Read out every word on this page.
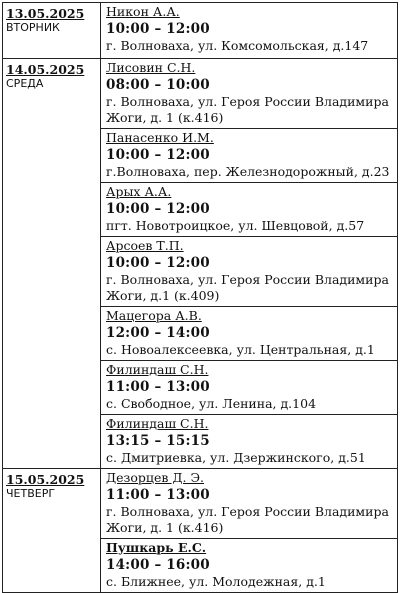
13.05.2025
ВТОРНИК	Никон А.А.
10:00 – 12:00
г. Волноваха, ул. Комсомольская, д.147

14.05.2025
СРЕДА	Лисовин С.Н.
08:00 – 10:00
г. Волноваха, ул. Героя России Владимира Жоги, д. 1 (к.416)

	Панасенко И.М.
10:00 – 12:00
г.Волноваха, пер. Железнодорожный, д.23

	Арых А.А.
10:00 – 12:00
пгт. Новотроицкое, ул. Шевцовой, д.57

	Арсоев Т.П.
10:00 – 12:00
г. Волноваха, ул. Героя России Владимира Жоги, д.1 (к.409)

	Мацегора А.В.
12:00 – 14:00
с. Новоалексеевка, ул. Центральная, д.1

	Филиндаш С.Н.
11:00 – 13:00
с. Свободное, ул. Ленина, д.104

	Филиндаш С.Н.
13:15 – 15:15
с. Дмитриевка, ул. Дзержинского, д.51

15.05.2025
ЧЕТВЕРГ	Дезорцев Д. Э.
11:00 – 13:00
г. Волноваха, ул. Героя России Владимира Жоги, д. 1 (к.416)

	Пушкарь Е.С.
14:00 – 16:00
с. Ближнее, ул. Молодежная, д.1
